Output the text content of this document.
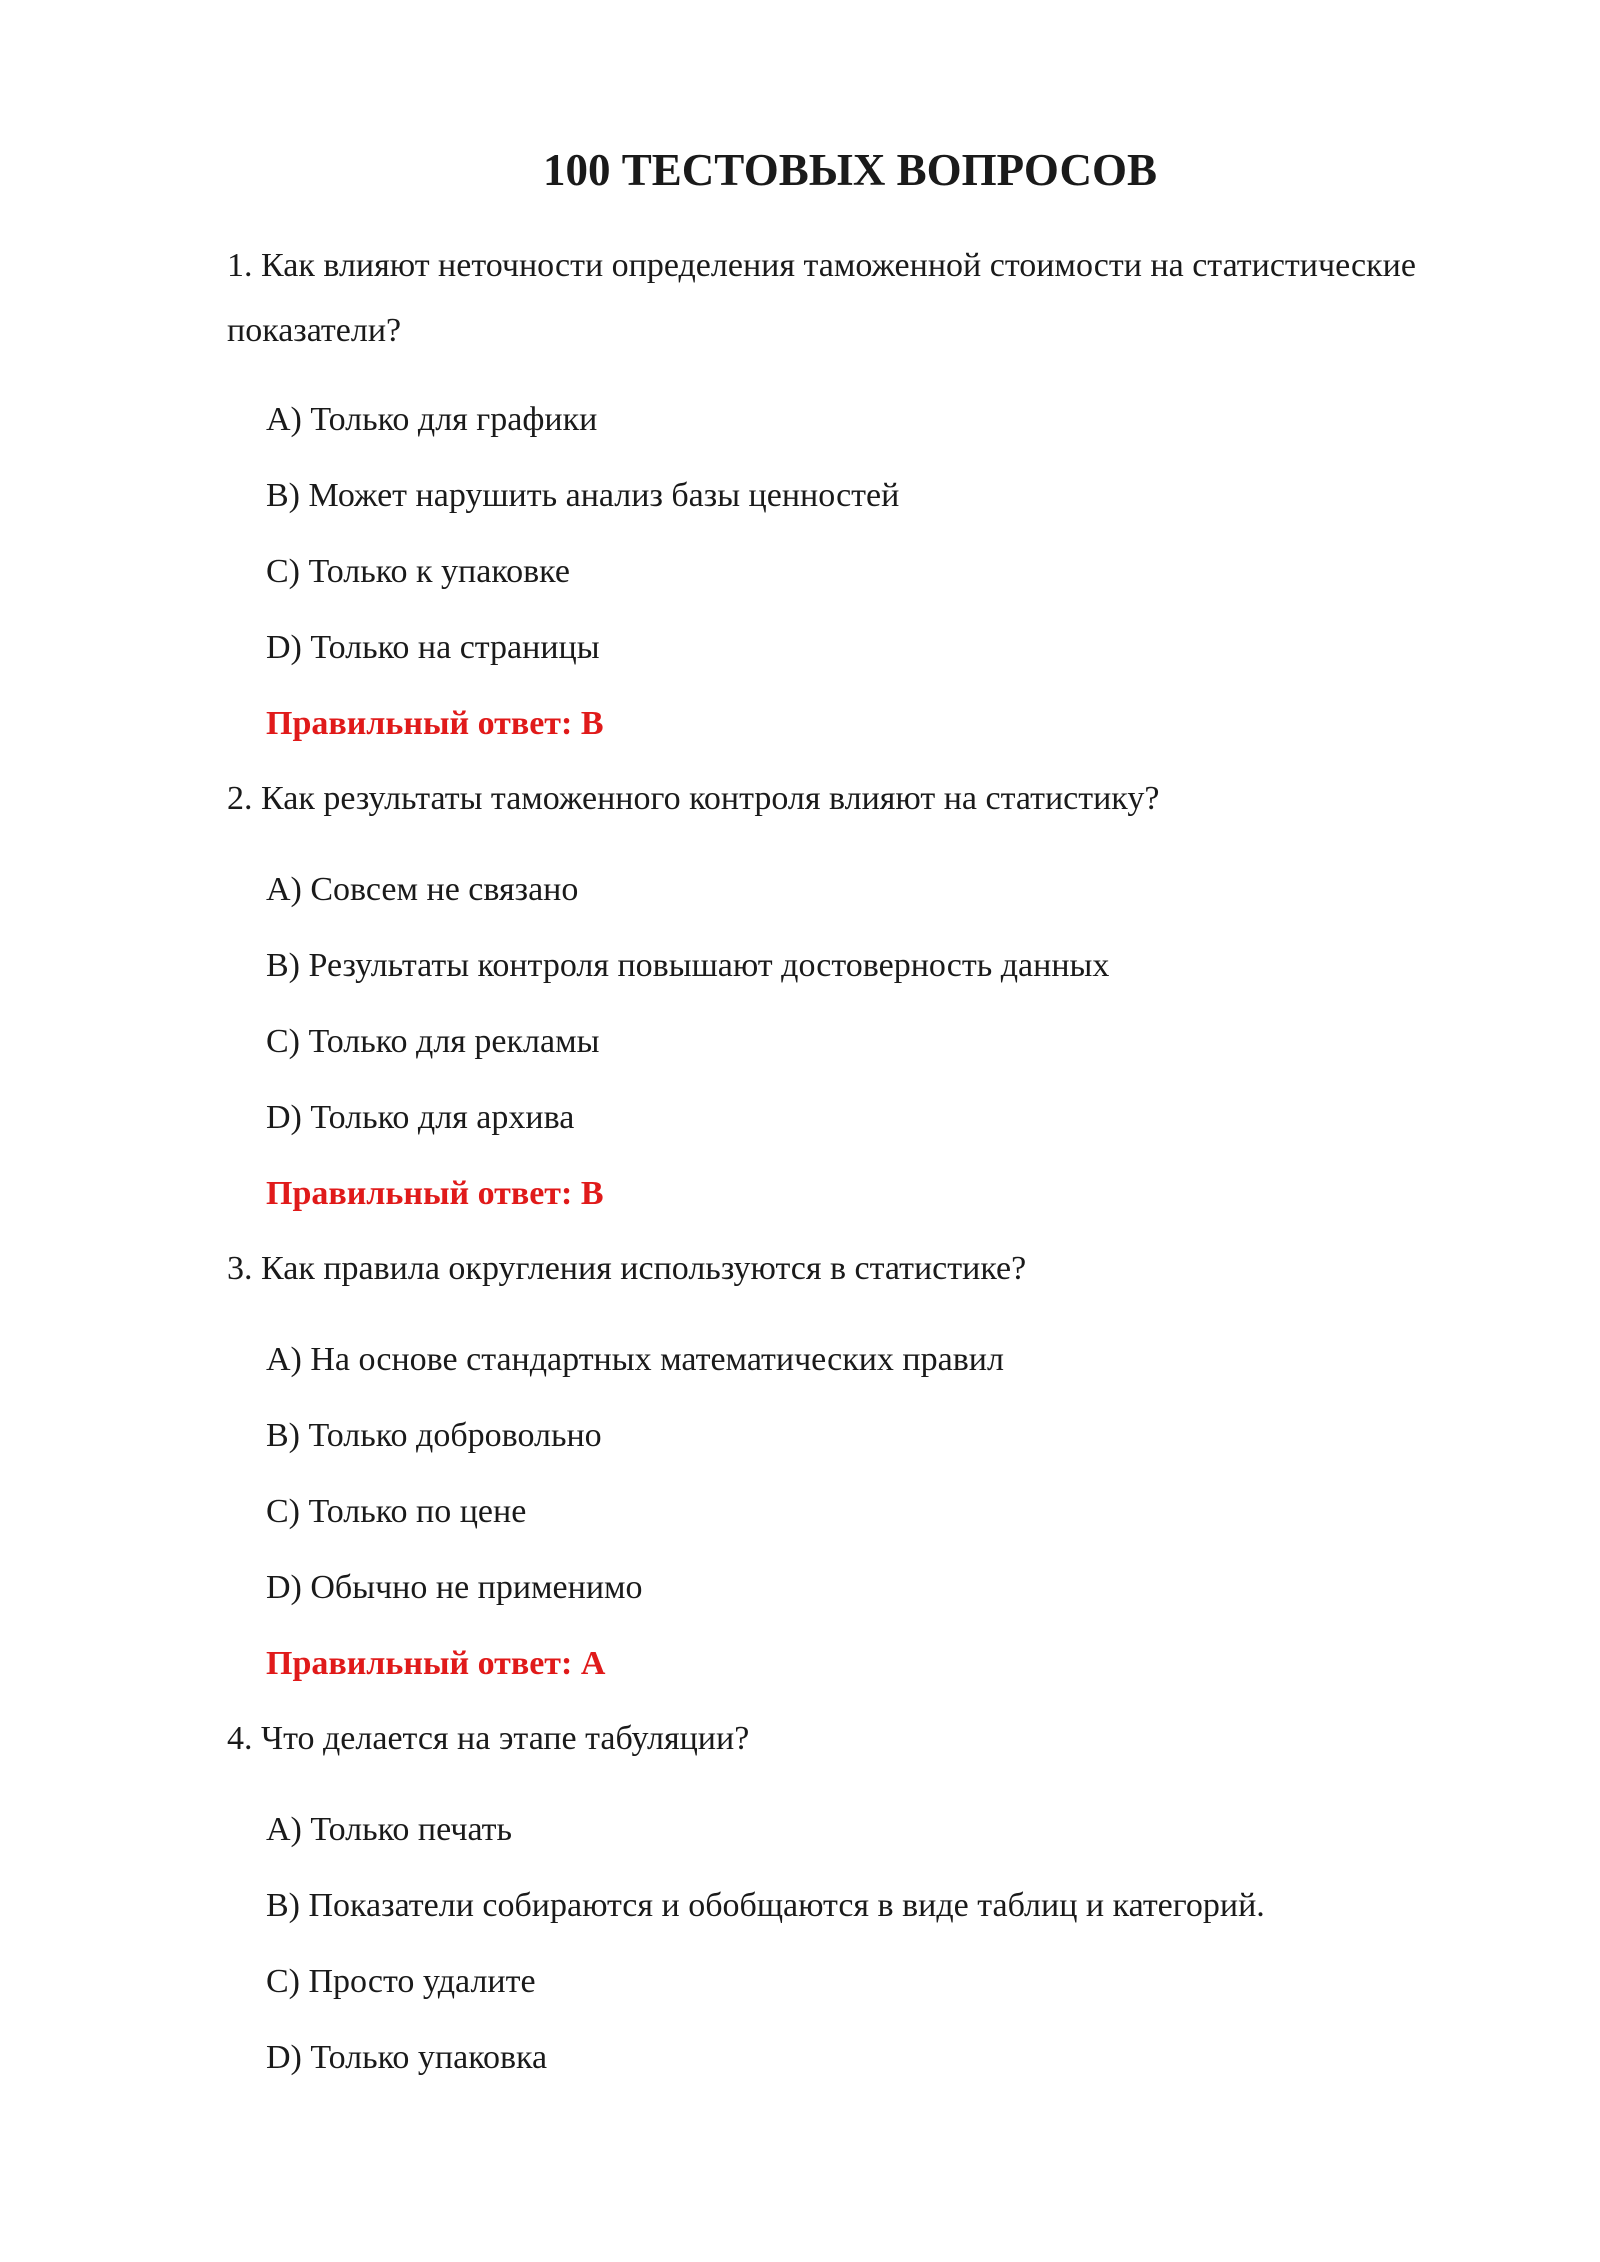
100 ТЕСТОВЫХ ВОПРОСОВ

1. Как влияют неточности определения таможенной стоимости на статистические показатели?

A) Только для графики

B) Может нарушить анализ базы ценностей

C) Только к упаковке

D) Только на страницы

Правильный ответ: B

2. Как результаты таможенного контроля влияют на статистику?

A) Совсем не связано

B) Результаты контроля повышают достоверность данных

C) Только для рекламы

D) Только для архива

Правильный ответ: B

3. Как правила округления используются в статистике?

A) На основе стандартных математических правил

B) Только добровольно

C) Только по цене

D) Обычно не применимо

Правильный ответ: A

4. Что делается на этапе табуляции?

A) Только печать

B) Показатели собираются и обобщаются в виде таблиц и категорий.

C) Просто удалите

D) Только упаковка
